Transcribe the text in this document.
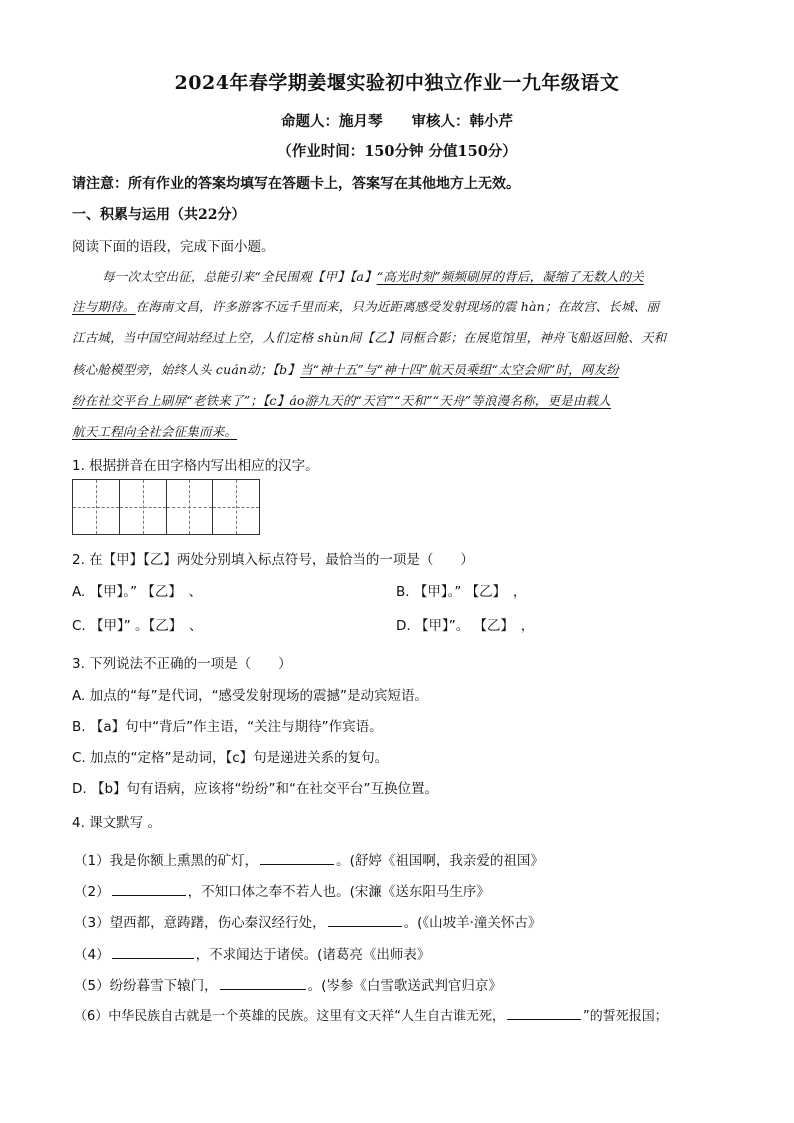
2024年春学期姜堰实验初中独立作业一九年级语文
命题人：施月琴　　审核人：韩小芹
（作业时间：150分钟 分值150分）
请注意：所有作业的答案均填写在答题卡上，答案写在其他地方上无效。
一、积累与运用（共22分）
阅读下面的语段，完成下面小题。
每一次太空出征，总能引来“全民围观【甲】【a】“高光时刻”频频刷屏的背后，凝缩了无数人的关
注与期待。在海南文昌，许多游客不远千里而来，只为近距离感受发射现场的震 hàn；在故宫、长城、丽
江古城，当中国空间站经过上空，人们定格 shùn间【乙】同框合影；在展览馆里，神舟飞船返回舱、天和
核心舱模型旁，始终人头 cuán动；【b】当“神十五”与“神十四”航天员乘组“太空会师”时，网友纷
纷在社交平台上刷屏“老铁来了”；【c】áo游九天的“天宫”“天和”“天舟”等浪漫名称，更是由载人
航天工程向全社会征集而来。
1. 根据拼音在田字格内写出相应的汉字。
2. 在【甲】【乙】两处分别填入标点符号，最恰当的一项是（　　）
A. 【甲】。” 【乙】　、	B. 【甲】。” 【乙】　，
C. 【甲】” 。【乙】　、	D. 【甲】”。 【乙】　，
3. 下列说法不正确的一项是（　　）
A. 加点的“每”是代词，“感受发射现场的震撼”是动宾短语。
B. 【a】句中“背后”作主语，“关注与期待”作宾语。
C. 加点的“定格”是动词，【c】句是递进关系的复句。
D. 【b】句有语病，应该将“纷纷”和“在社交平台”互换位置。
4. 课文默写 。
（1）我是你额上熏黑的矿灯，	。(舒婷《祖国啊，我亲爱的祖国》
（2）	，不知口体之奉不若人也。(宋濂《送东阳马生序》
（3）望西都，意踌躇，伤心秦汉经行处，	。(《山坡羊·潼关怀古》
（4）	，不求闻达于诸侯。(诸葛亮《出师表》
（5）纷纷暮雪下辕门，	。(岑参《白雪歌送武判官归京》
（6）中华民族自古就是一个英雄的民族。这里有文天祥“人生自古谁无死，	”的誓死报国；
